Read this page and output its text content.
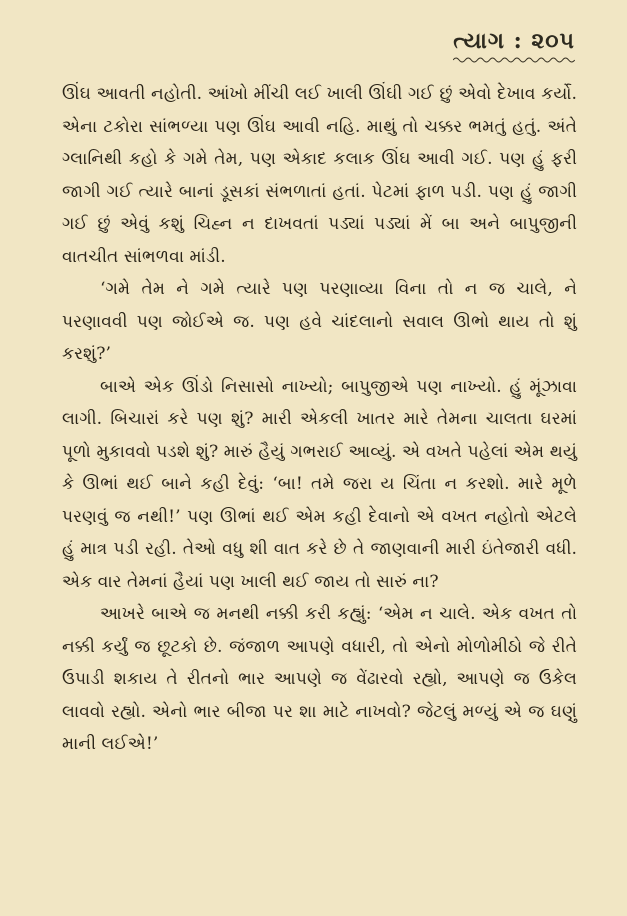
ત્યાગ : ૨૦૫

ઊંઘ આવતી નહોતી. આંખો મીંચી લઈ ખાલી ઊંઘી ગઈ છું એવો દેખાવ કર્યો. એના ટકોરા સાંભળ્યા પણ ઊંઘ આવી નહિ. માથું તો ચક્કર ભમતું હતું. અંતે ગ્લાનિથી કહો કે ગમે તેમ, પણ એકાદ કલાક ઊંઘ આવી ગઈ. પણ હું ફરી જાગી ગઈ ત્યારે બાનાં ડૂસકાં સંભળાતાં હતાં. પેટમાં ફાળ પડી. પણ હું જાગી ગઈ છું એવું કશું ચિહ્ન ન દાખવતાં પડ્યાં પડ્યાં મેં બા અને બાપુજીની વાતચીત સાંભળવા માંડી.

‘ગમે તેમ ને ગમે ત્યારે પણ પરણાવ્યા વિના તો ન જ ચાલે, ને પરણાવવી પણ જોઈએ જ. પણ હવે ચાંદલાનો સવાલ ઊભો થાય તો શું કરશું?’

બાએ એક ઊંડો નિસાસો નાખ્યો; બાપુજીએ પણ નાખ્યો. હું મૂંઝાવા લાગી. બિચારાં કરે પણ શું? મારી એકલી ખાતર મારે તેમના ચાલતા ઘરમાં પૂળો મુકાવવો પડશે શું? મારું હૈયું ગભરાઈ આવ્યું. એ વખતે પહેલાં એમ થયું કે ઊભાં થઈ બાને કહી દેવું: ‘બા! તમે જરા ય ચિંતા ન કરશો. મારે મૂળે પરણવું જ નથી!’ પણ ઊભાં થઈ એમ કહી દેવાનો એ વખત નહોતો એટલે હું માત્ર પડી રહી. તેઓ વધુ શી વાત કરે છે તે જાણવાની મારી ઇંતેજારી વધી. એક વાર તેમનાં હૈયાં પણ ખાલી થઈ જાય તો સારું ના?

આખરે બાએ જ મનથી નક્કી કરી કહ્યું: ‘એમ ન ચાલે. એક વખત તો નક્કી કર્યું જ છૂટકો છે. જંજાળ આપણે વધારી, તો એનો મોળોમીઠો જે રીતે ઉપાડી શકાય તે રીતનો ભાર આપણે જ વેંઢારવો રહ્યો, આપણે જ ઉકેલ લાવવો રહ્યો. એનો ભાર બીજા પર શા માટે નાખવો? જેટલું મળ્યું એ જ ઘણું માની લઈએ!’
